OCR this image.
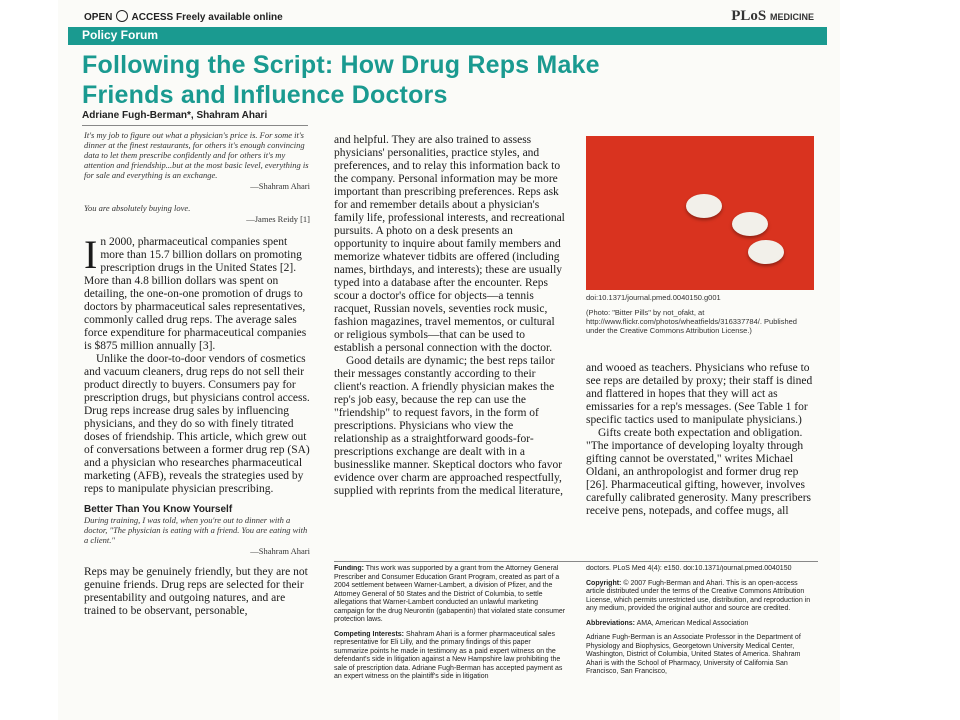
OPEN ACCESS Freely available online	PLoS MEDICINE
Policy Forum
Following the Script: How Drug Reps Make
Friends and Influence Doctors
Adriane Fugh-Berman*, Shahram Ahari
It's my job to figure out what a physician's price is. For some it's dinner at the finest restaurants, for others it's enough convincing data to let them prescribe confidently and for others it's my attention and friendship...but at the most basic level, everything is for sale and everything is an exchange.
—Shahram Ahari
You are absolutely buying love.
—James Reidy [1]
In 2000, pharmaceutical companies spent more than 15.7 billion dollars on promoting prescription drugs in the United States [2]. More than 4.8 billion dollars was spent on detailing, the one-on-one promotion of drugs to doctors by pharmaceutical sales representatives, commonly called drug reps. The average sales force expenditure for pharmaceutical companies is $875 million annually [3].
Unlike the door-to-door vendors of cosmetics and vacuum cleaners, drug reps do not sell their product directly to buyers. Consumers pay for prescription drugs, but physicians control access. Drug reps increase drug sales by influencing physicians, and they do so with finely titrated doses of friendship. This article, which grew out of conversations between a former drug rep (SA) and a physician who researches pharmaceutical marketing (AFB), reveals the strategies used by reps to manipulate physician prescribing.
Better Than You Know Yourself
During training, I was told, when you're out to dinner with a doctor, "The physician is eating with a friend. You are eating with a client."
—Shahram Ahari
Reps may be genuinely friendly, but they are not genuine friends. Drug reps are selected for their presentability and outgoing natures, and are trained to be observant, personable,
and helpful. They are also trained to assess physicians' personalities, practice styles, and preferences, and to relay this information back to the company. Personal information may be more important than prescribing preferences. Reps ask for and remember details about a physician's family life, professional interests, and recreational pursuits. A photo on a desk presents an opportunity to inquire about family members and memorize whatever tidbits are offered (including names, birthdays, and interests); these are usually typed into a database after the encounter. Reps scour a doctor's office for objects—a tennis racquet, Russian novels, seventies rock music, fashion magazines, travel mementos, or cultural or religious symbols—that can be used to establish a personal connection with the doctor.
Good details are dynamic; the best reps tailor their messages constantly according to their client's reaction. A friendly physician makes the rep's job easy, because the rep can use the "friendship" to request favors, in the form of prescriptions. Physicians who view the relationship as a straightforward goods-for-prescriptions exchange are dealt with in a businesslike manner. Skeptical doctors who favor evidence over charm are approached respectfully, supplied with reprints from the medical literature,
doi:10.1371/journal.pmed.0040150.g001
(Photo: "Bitter Pills" by not_ofakt, at http://www.flickr.com/photos/wheatfields/316337784/. Published under the Creative Commons Attribution License.)
and wooed as teachers. Physicians who refuse to see reps are detailed by proxy; their staff is dined and flattered in hopes that they will act as emissaries for a rep's messages. (See Table 1 for specific tactics used to manipulate physicians.)
Gifts create both expectation and obligation. "The importance of developing loyalty through gifting cannot be overstated," writes Michael Oldani, an anthropologist and former drug rep [26]. Pharmaceutical gifting, however, involves carefully calibrated generosity. Many prescribers receive pens, notepads, and coffee mugs, all
Funding: This work was supported by a grant from the Attorney General Prescriber and Consumer Education Grant Program, created as part of a 2004 settlement between Warner-Lambert, a division of Pfizer, and the Attorney General of 50 States and the District of Columbia, to settle allegations that Warner-Lambert conducted an unlawful marketing campaign for the drug Neurontin (gabapentin) that violated state consumer protection laws.
Competing Interests: Shahram Ahari is a former pharmaceutical sales representative for Eli Lilly, and the primary findings of this paper summarize points he made in testimony as a paid expert witness on the defendant's side in litigation against a New Hampshire law prohibiting the sale of prescription data. Adriane Fugh-Berman has accepted payment as an expert witness on the plaintiff's side in litigation
doctors. PLoS Med 4(4): e150. doi:10.1371/journal.pmed.0040150
Copyright: © 2007 Fugh-Berman and Ahari. This is an open-access article distributed under the terms of the Creative Commons Attribution License, which permits unrestricted use, distribution, and reproduction in any medium, provided the original author and source are credited.
Abbreviations: AMA, American Medical Association
Adriane Fugh-Berman is an Associate Professor in the Department of Physiology and Biophysics, Georgetown University Medical Center, Washington, District of Columbia, United States of America. Shahram Ahari is with the School of Pharmacy, University of California San Francisco, San Francisco,
